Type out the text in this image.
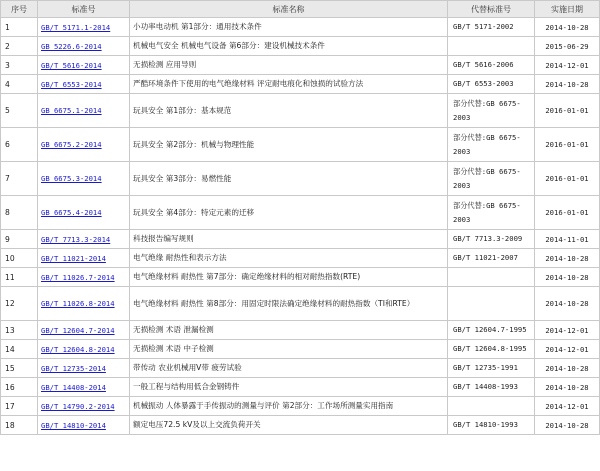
序号	标准号	标准名称	代替标准号	实施日期
1	GB/T 5171.1-2014	小功率电动机 第1部分：通用技术条件	GB/T 5171-2002	2014-10-28
2	GB 5226.6-2014	机械电气安全 机械电气设备 第6部分：建设机械技术条件		2015-06-29
3	GB/T 5616-2014	无损检测 应用导则	GB/T 5616-2006	2014-12-01
4	GB/T 6553-2014	严酷环境条件下使用的电气绝缘材料 评定耐电痕化和蚀损的试验方法	GB/T 6553-2003	2014-10-28
5	GB 6675.1-2014	玩具安全 第1部分：基本规范	部分代替:GB 6675-2003	2016-01-01
6	GB 6675.2-2014	玩具安全 第2部分：机械与物理性能	部分代替:GB 6675-2003	2016-01-01
7	GB 6675.3-2014	玩具安全 第3部分：易燃性能	部分代替:GB 6675-2003	2016-01-01
8	GB 6675.4-2014	玩具安全 第4部分：特定元素的迁移	部分代替:GB 6675-2003	2016-01-01
9	GB/T 7713.3-2014	科技报告编写规则	GB/T 7713.3-2009	2014-11-01
10	GB/T 11021-2014	电气绝缘 耐热性和表示方法	GB/T 11021-2007	2014-10-28
11	GB/T 11026.7-2014	电气绝缘材料 耐热性 第7部分：确定绝缘材料的相对耐热指数(RTE)		2014-10-28
12	GB/T 11026.8-2014	电气绝缘材料 耐热性 第8部分：用固定时限法确定绝缘材料的耐热指数（TI和RTE）		2014-10-28
13	GB/T 12604.7-2014	无损检测 术语 泄漏检测	GB/T 12604.7-1995	2014-12-01
14	GB/T 12604.8-2014	无损检测 术语 中子检测	GB/T 12604.8-1995	2014-12-01
15	GB/T 12735-2014	带传动 农业机械用V带 疲劳试验	GB/T 12735-1991	2014-10-28
16	GB/T 14408-2014	一般工程与结构用低合金钢铸件	GB/T 14408-1993	2014-10-28
17	GB/T 14790.2-2014	机械振动 人体暴露于手传振动的测量与评价 第2部分：工作场所测量实用指南		2014-12-01
18	GB/T 14810-2014	额定电压72.5 kV及以上交流负荷开关	GB/T 14810-1993	2014-10-28
